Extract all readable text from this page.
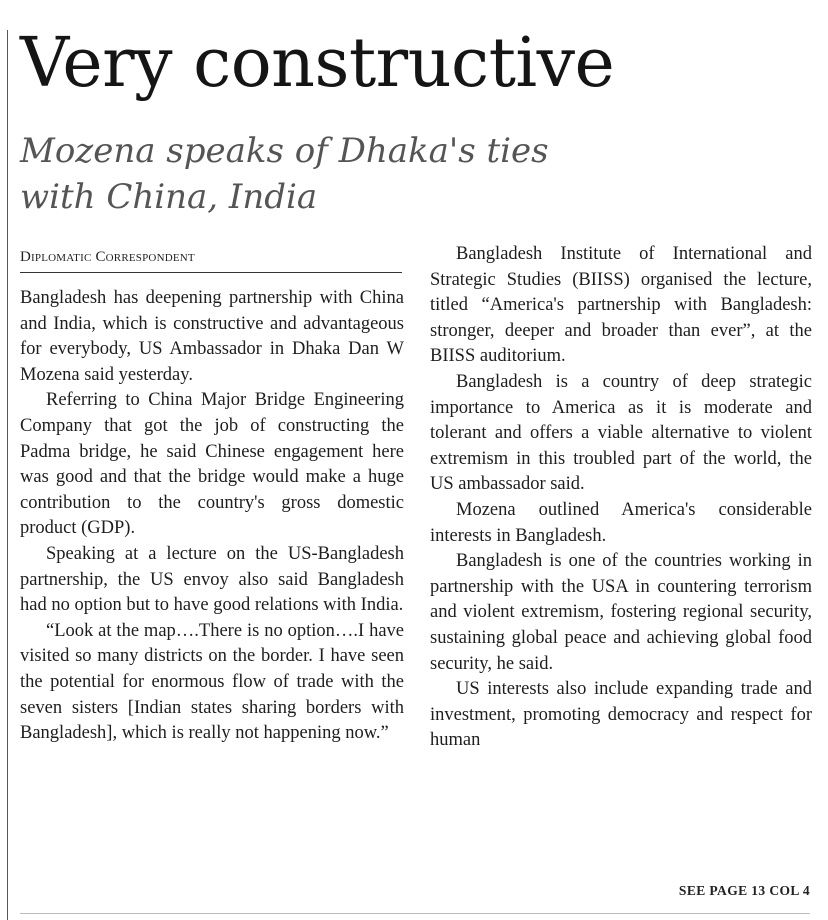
Very constructive
Mozena speaks of Dhaka's ties with China, India
Diplomatic Correspondent

Bangladesh has deepening partnership with China and India, which is constructive and advantageous for everybody, US Ambassador in Dhaka Dan W Mozena said yesterday.

Referring to China Major Bridge Engineering Company that got the job of constructing the Padma bridge, he said Chinese engagement here was good and that the bridge would make a huge contribution to the country's gross domestic product (GDP).

Speaking at a lecture on the US-Bangladesh partnership, the US envoy also said Bangladesh had no option but to have good relations with India.

“Look at the map….There is no option….I have visited so many districts on the border. I have seen the potential for enormous flow of trade with the seven sisters [Indian states sharing borders with Bangladesh], which is really not happening now.”

Bangladesh Institute of International and Strategic Studies (BIISS) organised the lecture, titled “America's partnership with Bangladesh: stronger, deeper and broader than ever”, at the BIISS auditorium.

Bangladesh is a country of deep strategic importance to America as it is moderate and tolerant and offers a viable alternative to violent extremism in this troubled part of the world, the US ambassador said.

Mozena outlined America's considerable interests in Bangladesh.

Bangladesh is one of the countries working in partnership with the USA in countering terrorism and violent extremism, fostering regional security, sustaining global peace and achieving global food security, he said.

US interests also include expanding trade and investment, promoting democracy and respect for human

SEE PAGE 13 COL 4
